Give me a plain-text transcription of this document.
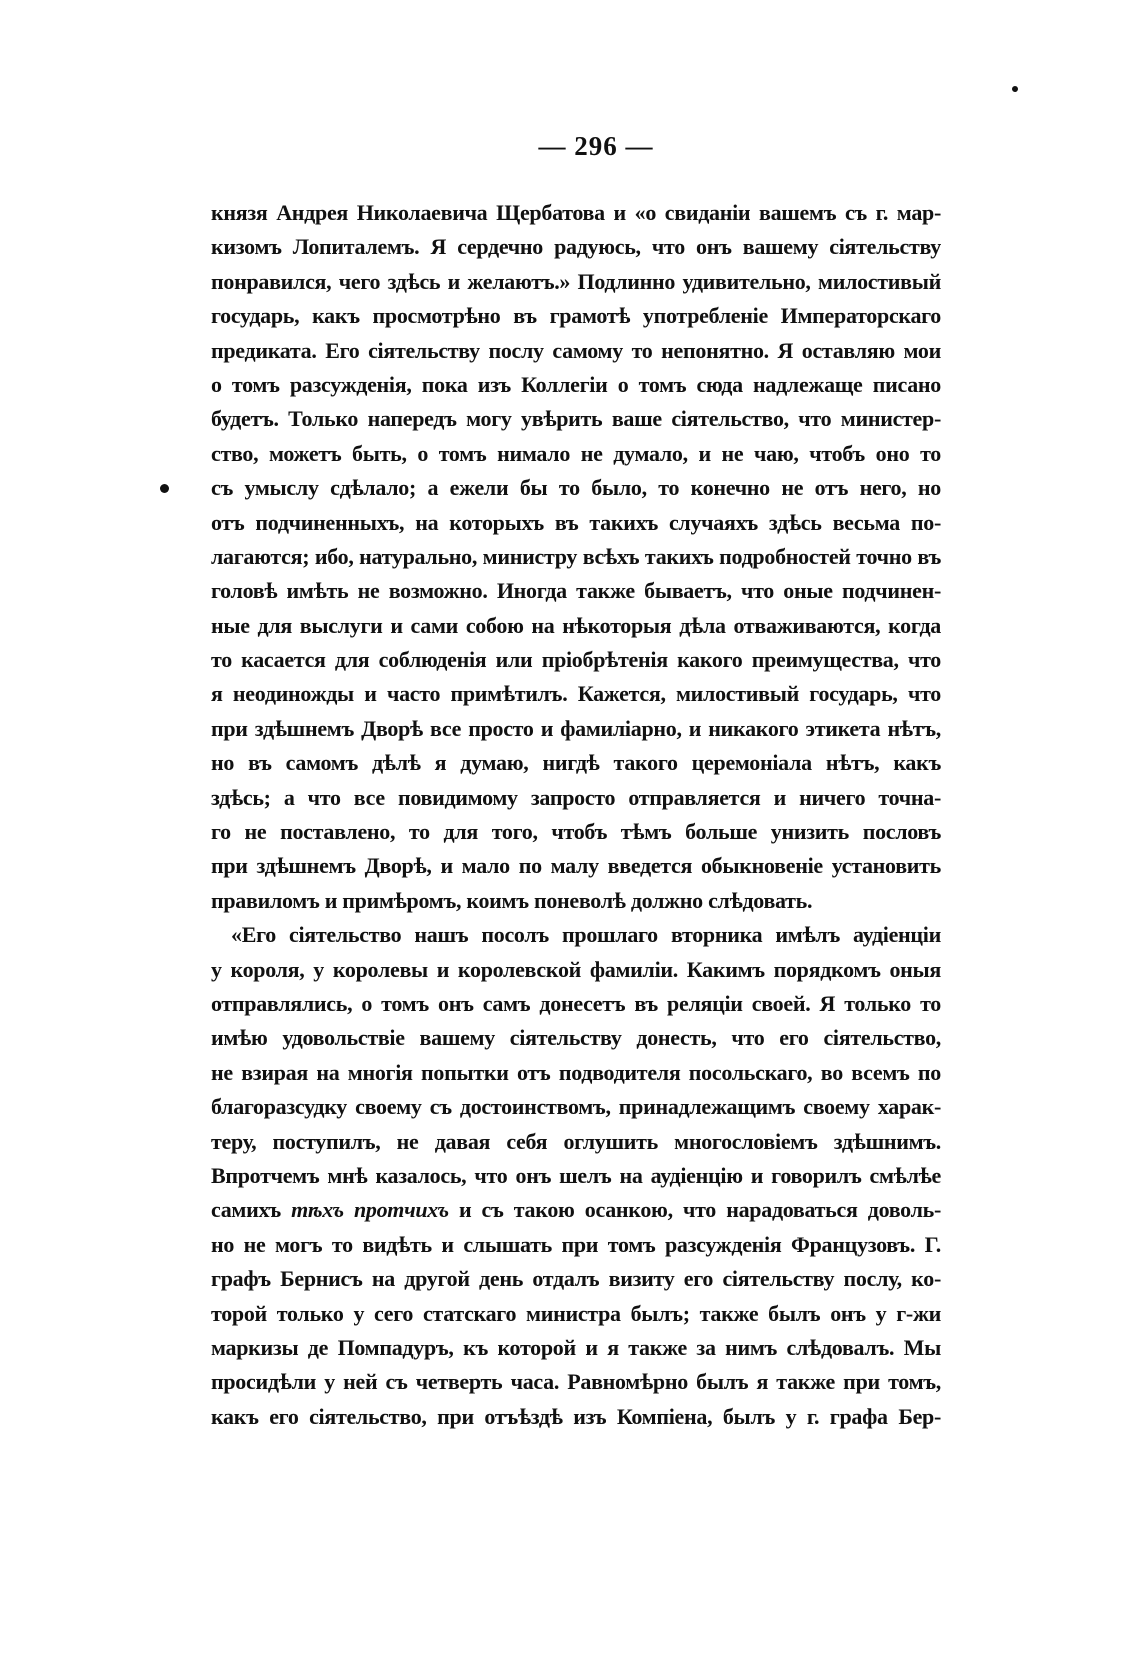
— 296 —
князя Андрея Николаевича Щербатова и «о свиданіи вашемъ съ г. мар-
кизомъ Лопиталемъ. Я сердечно радуюсь, что онъ вашему сіятельству
понравился, чего здѣсь и желаютъ.» Подлинно удивительно, милостивый
государь, какъ просмотрѣно въ грамотѣ употребленіе Императорскаго
предиката. Его сіятельству послу самому то непонятно. Я оставляю мои
о томъ разсужденія, пока изъ Коллегіи о томъ сюда надлежаще писано
будетъ. Только напередъ могу увѣрить ваше сіятельство, что министер-
ство, можетъ быть, о томъ нимало не думало, и не чаю, чтобъ оно то
съ умыслу сдѣлало; а ежели бы то было, то конечно не отъ него, но
отъ подчиненныхъ, на которыхъ въ такихъ случаяхъ здѣсь весьма по-
лагаются; ибо, натурально, министру всѣхъ такихъ подробностей точно въ
головѣ имѣть не возможно. Иногда также бываетъ, что оные подчинен-
ные для выслуги и сами собою на нѣкоторыя дѣла отваживаются, когда
то касается для соблюденія или пріобрѣтенія какого преимущества, что
я неодиножды и часто примѣтилъ. Кажется, милостивый государь, что
при здѣшнемъ Дворѣ все просто и фамиліарно, и никакого этикета нѣтъ,
но въ самомъ дѣлѣ я думаю, нигдѣ такого церемоніала нѣтъ, какъ
здѣсь; а что все повидимому запросто отправляется и ничего точна-
го не поставлено, то для того, чтобъ тѣмъ больше унизить пословъ
при здѣшнемъ Дворѣ, и мало по малу введется обыкновеніе установить
правиломъ и примѣромъ, коимъ поневолѣ должно слѣдовать.
«Его сіятельство нашъ посолъ прошлаго вторника имѣлъ аудіенціи
у короля, у королевы и королевской фамиліи. Какимъ порядкомъ оныя
отправлялись, о томъ онъ самъ донесетъ въ реляціи своей. Я только то
имѣю удовольствіе вашему сіятельству донесть, что его сіятельство,
не взирая на многія попытки отъ подводителя посольскаго, во всемъ по
благоразсудку своему съ достоинствомъ, принадлежащимъ своему харак-
теру, поступилъ, не давая себя оглушить многословіемъ здѣшнимъ.
Впротчемъ мнѣ казалось, что онъ шелъ на аудіенцію и говорилъ смѣлѣе
самихъ тѣхъ протчихъ и съ такою осанкою, что нарадоваться доволь-
но не могъ то видѣть и слышать при томъ разсужденія Французовъ. Г.
графъ Бернисъ на другой день отдалъ визиту его сіятельству послу, ко-
торой только у сего статскаго министра былъ; также былъ онъ у г-жи
маркизы де Помпадуръ, къ которой и я также за нимъ слѣдовалъ. Мы
просидѣли у ней съ четверть часа. Равномѣрно былъ я также при томъ,
какъ его сіятельство, при отъѣздѣ изъ Компіена, былъ у г. графа Бер-
